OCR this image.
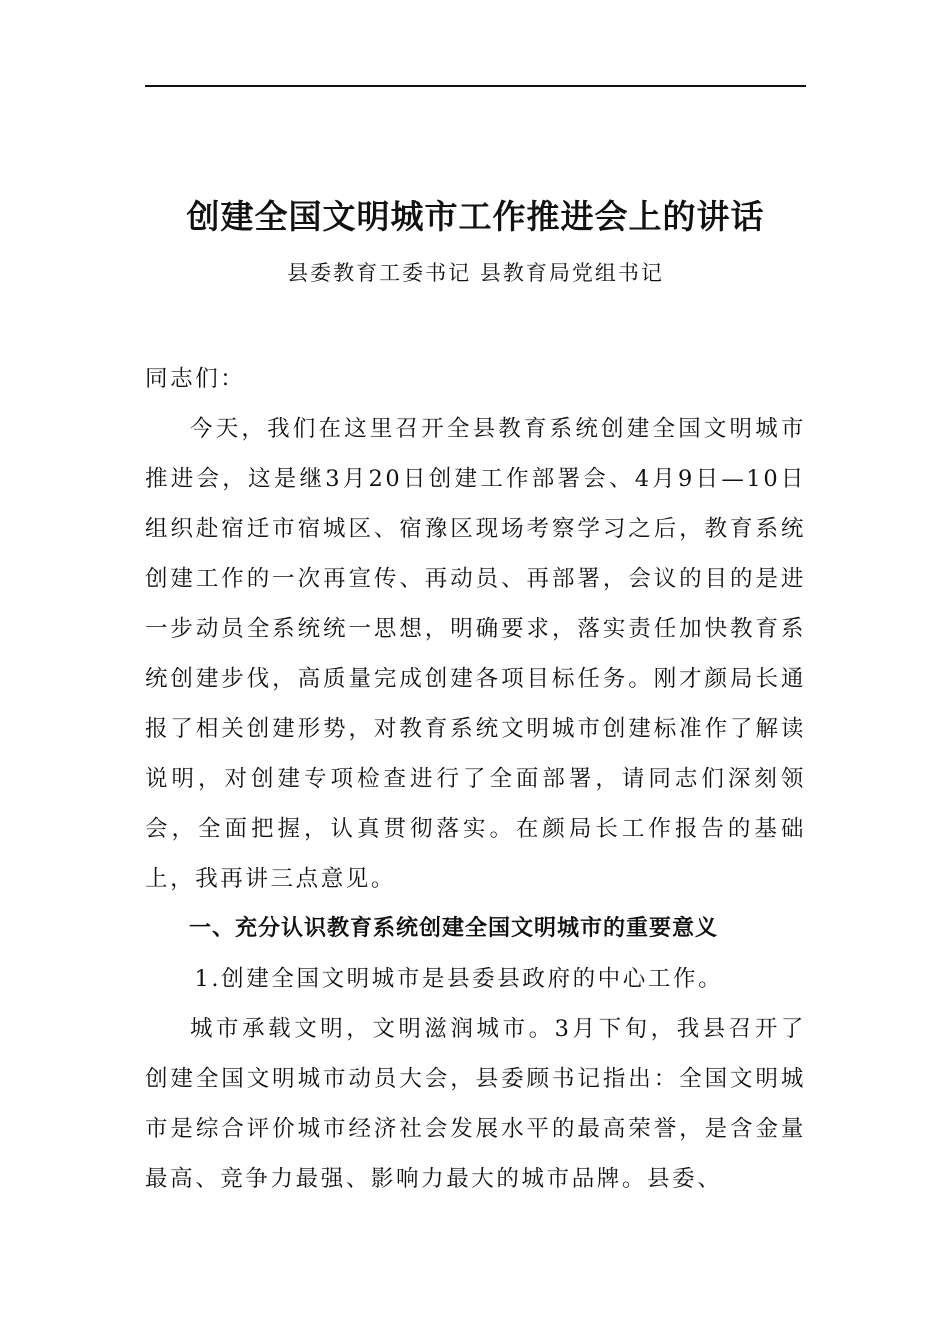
创建全国文明城市工作推进会上的讲话

县委教育工委书记 县教育局党组书记

同志们：

今天，我们在这里召开全县教育系统创建全国文明城市推进会，这是继3月20日创建工作部署会、4月9日—10日组织赴宿迁市宿城区、宿豫区现场考察学习之后，教育系统创建工作的一次再宣传、再动员、再部署，会议的目的是进一步动员全系统统一思想，明确要求，落实责任加快教育系统创建步伐，高质量完成创建各项目标任务。刚才颜局长通报了相关创建形势，对教育系统文明城市创建标准作了解读说明，对创建专项检查进行了全面部署，请同志们深刻领会，全面把握，认真贯彻落实。在颜局长工作报告的基础上，我再讲三点意见。

一、充分认识教育系统创建全国文明城市的重要意义

1.创建全国文明城市是县委县政府的中心工作。

城市承载文明，文明滋润城市。3月下旬，我县召开了创建全国文明城市动员大会，县委顾书记指出：全国文明城市是综合评价城市经济社会发展水平的最高荣誉，是含金量最高、竞争力最强、影响力最大的城市品牌。县委、
